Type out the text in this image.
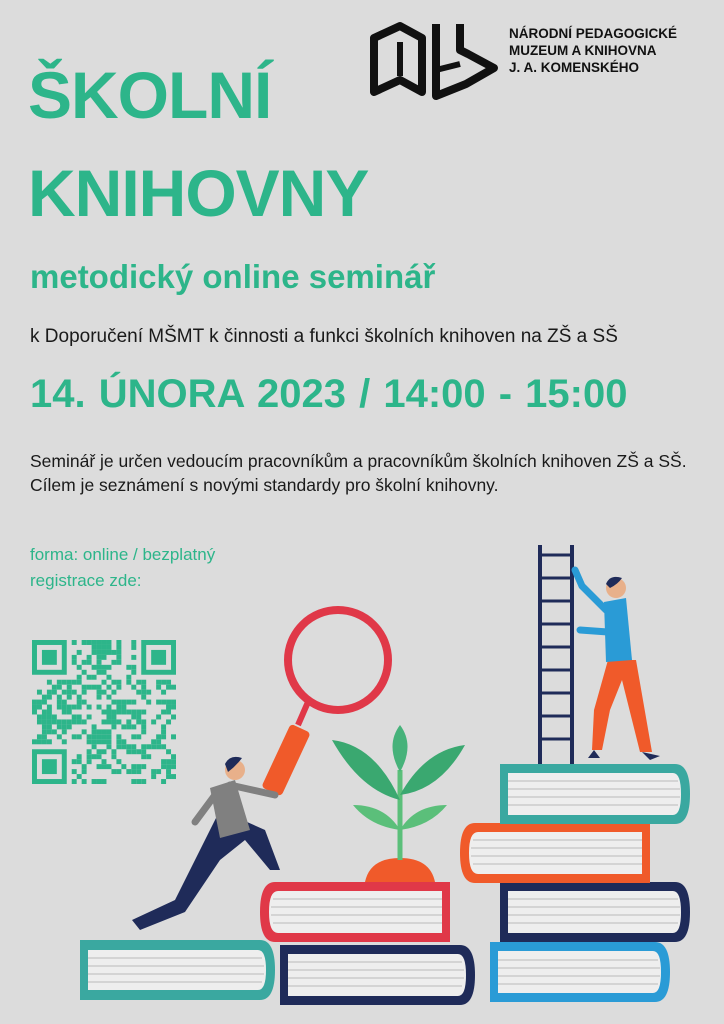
ŠKOLNÍ
KNIHOVNY
metodický online seminář
k Doporučení MŠMT k činnosti a funkci školních knihoven na ZŠ a SŠ
14. ÚNORA 2023 / 14:00 - 15:00
Seminář je určen vedoucím pracovníkům a pracovníkům školních knihoven ZŠ a SŠ. Cílem je seznámení s novými standardy pro školní knihovny.
forma: online / bezplatný
registrace zde:
NÁRODNÍ PEDAGOGICKÉ
MUZEUM A KNIHOVNA
J. A. KOMENSKÉHO
